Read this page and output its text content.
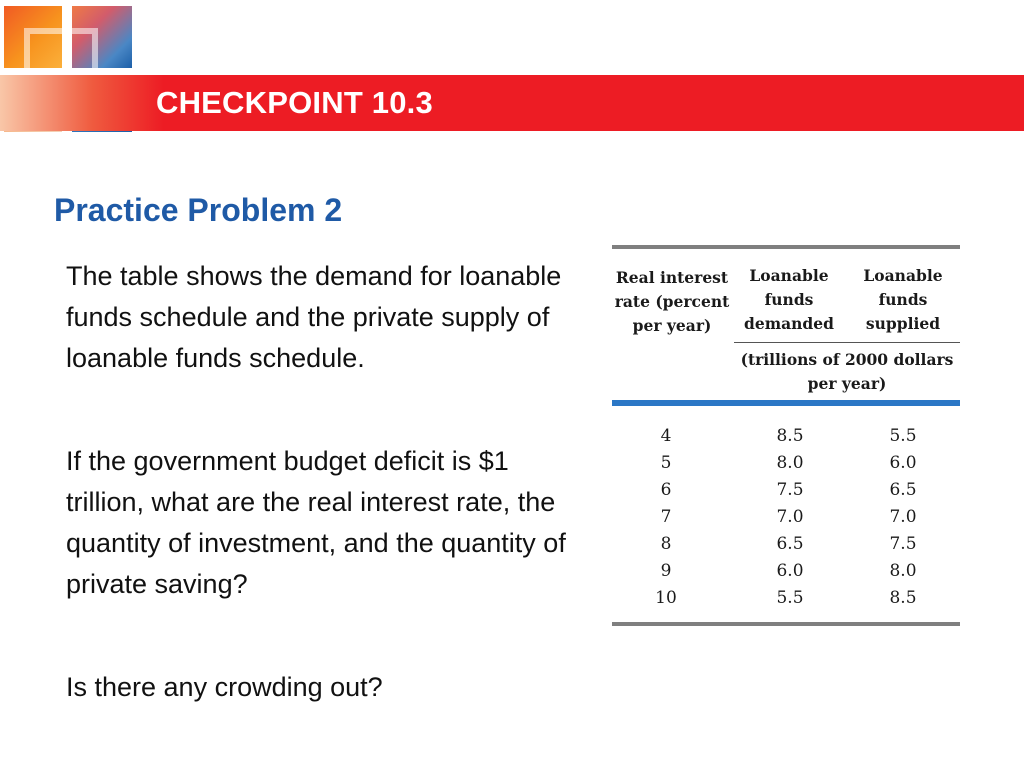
CHECKPOINT 10.3
Practice Problem 2

The table shows the demand for loanable funds schedule and the private supply of loanable funds schedule.

If the government budget deficit is $1 trillion, what are the real interest rate, the quantity of investment, and the quantity of private saving?

Is there any crowding out?

Real interest rate (percent per year)
Loanable funds demanded
Loanable funds supplied
(trillions of 2000 dollars per year)
4	8.5	5.5
5	8.0	6.0
6	7.5	6.5
7	7.0	7.0
8	6.5	7.5
9	6.0	8.0
10	5.5	8.5
